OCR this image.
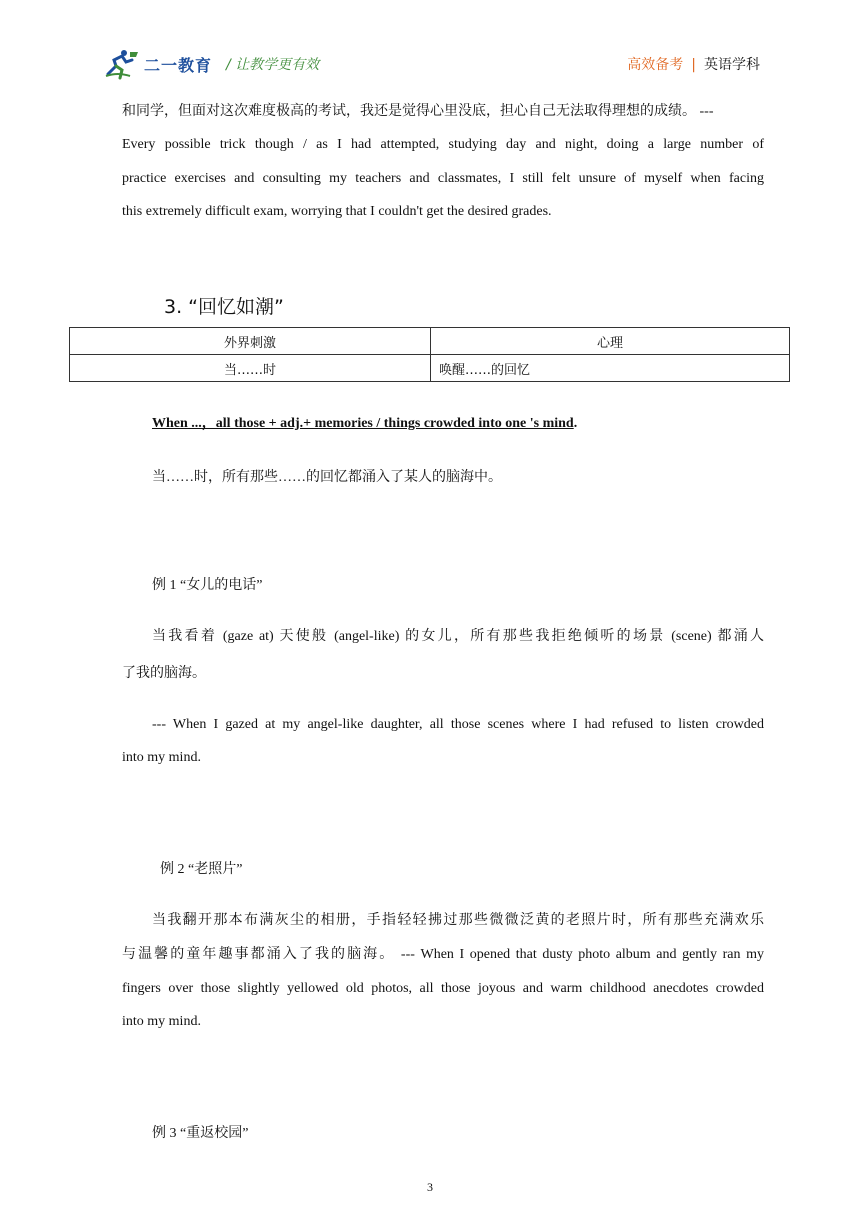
二一教育 / 让教学更有效	高效备考 | 英语学科
和同学，但面对这次难度极高的考试，我还是觉得心里没底，担心自己无法取得理想的成绩。 ---
Every possible trick though / as I had attempted, studying day and night, doing a large number of
practice exercises and consulting my teachers and classmates, I still felt unsure of myself when facing
this extremely difficult exam, worrying that I couldn't get the desired grades.
3. “回忆如潮”
外界刺激	心理
当……时	唤醒……的回忆
When ...，all those + adj.+ memories / things crowded into one 's mind.
当……时，所有那些……的回忆都涌入了某人的脑海中。
例 1 “女儿的电话”
当我看着 (gaze at) 天使般 (angel-like) 的女儿，所有那些我拒绝倾听的场景 (scene) 都涌人
了我的脑海。
--- When I gazed at my angel-like daughter, all those scenes where I had refused to listen crowded
into my mind.
例 2 “老照片”
当我翻开那本布满灰尘的相册，手指轻轻拂过那些微微泛黄的老照片时，所有那些充满欢乐
与温馨的童年趣事都涌入了我的脑海。 --- When I opened that dusty photo album and gently ran my
fingers over those slightly yellowed old photos, all those joyous and warm childhood anecdotes crowded
into my mind.
例 3 “重返校园”
3
